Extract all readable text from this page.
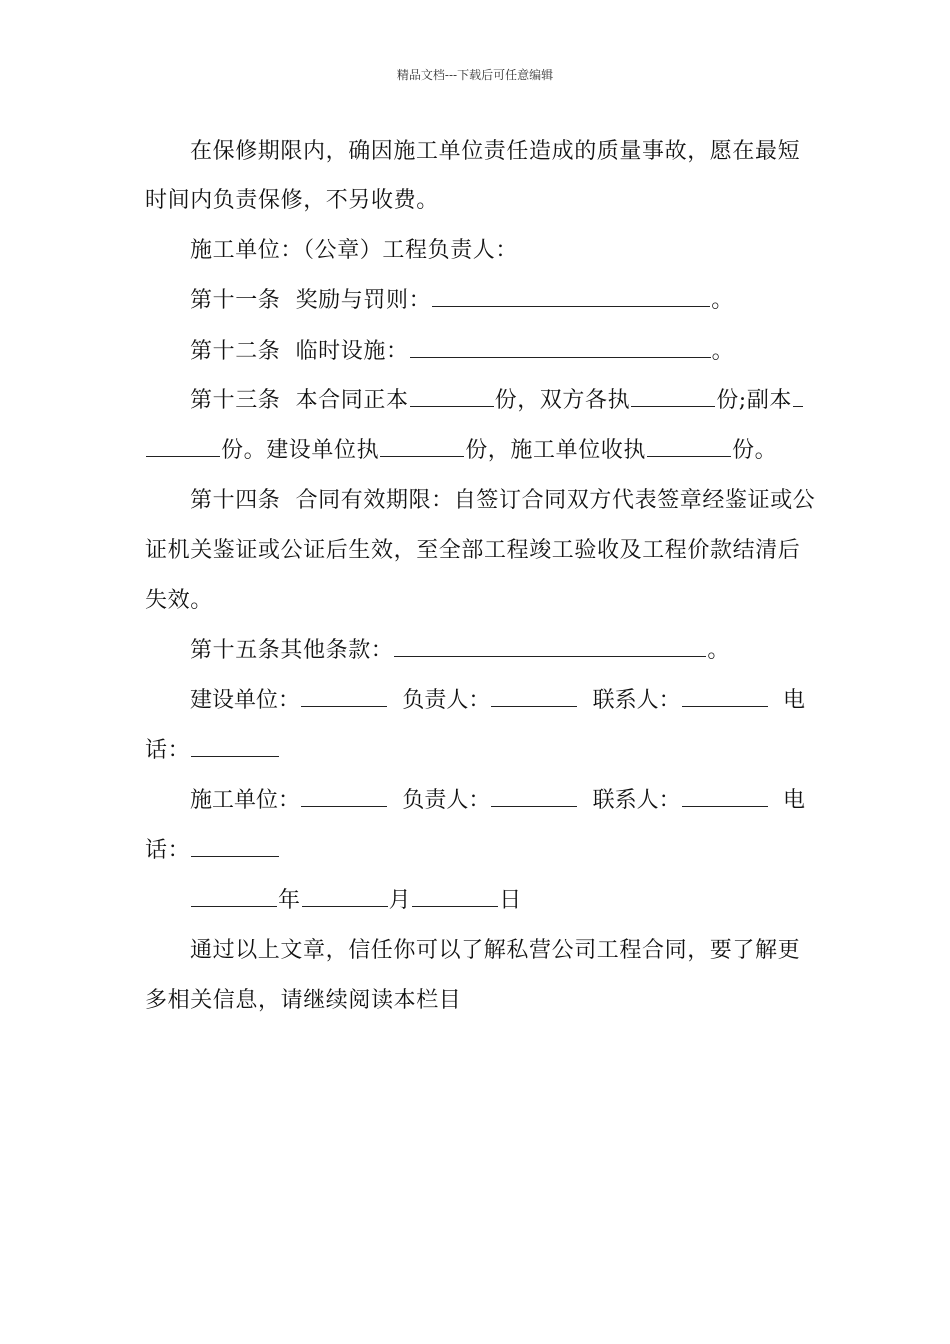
精品文档---下载后可任意编辑
在保修期限内，确因施工单位责任造成的质量事故，愿在最短
时间内负责保修，不另收费。
施工单位：（公章）工程负责人：
第十一条  奖励与罚则：	。
第十二条  临时设施：	。
第十三条  本合同正本	份，双方各执	份;副本
份。建设单位执	份，施工单位收执	份。
第十四条  合同有效期限：自签订合同双方代表签章经鉴证或公
证机关鉴证或公证后生效，至全部工程竣工验收及工程价款结清后
失效。
第十五条其他条款：	。
建设单位：	负责人：	联系人：	电
话：
施工单位：	负责人：	联系人：	电
话：
年	月	日
通过以上文章，信任你可以了解私营公司工程合同，要了解更
多相关信息，请继续阅读本栏目
